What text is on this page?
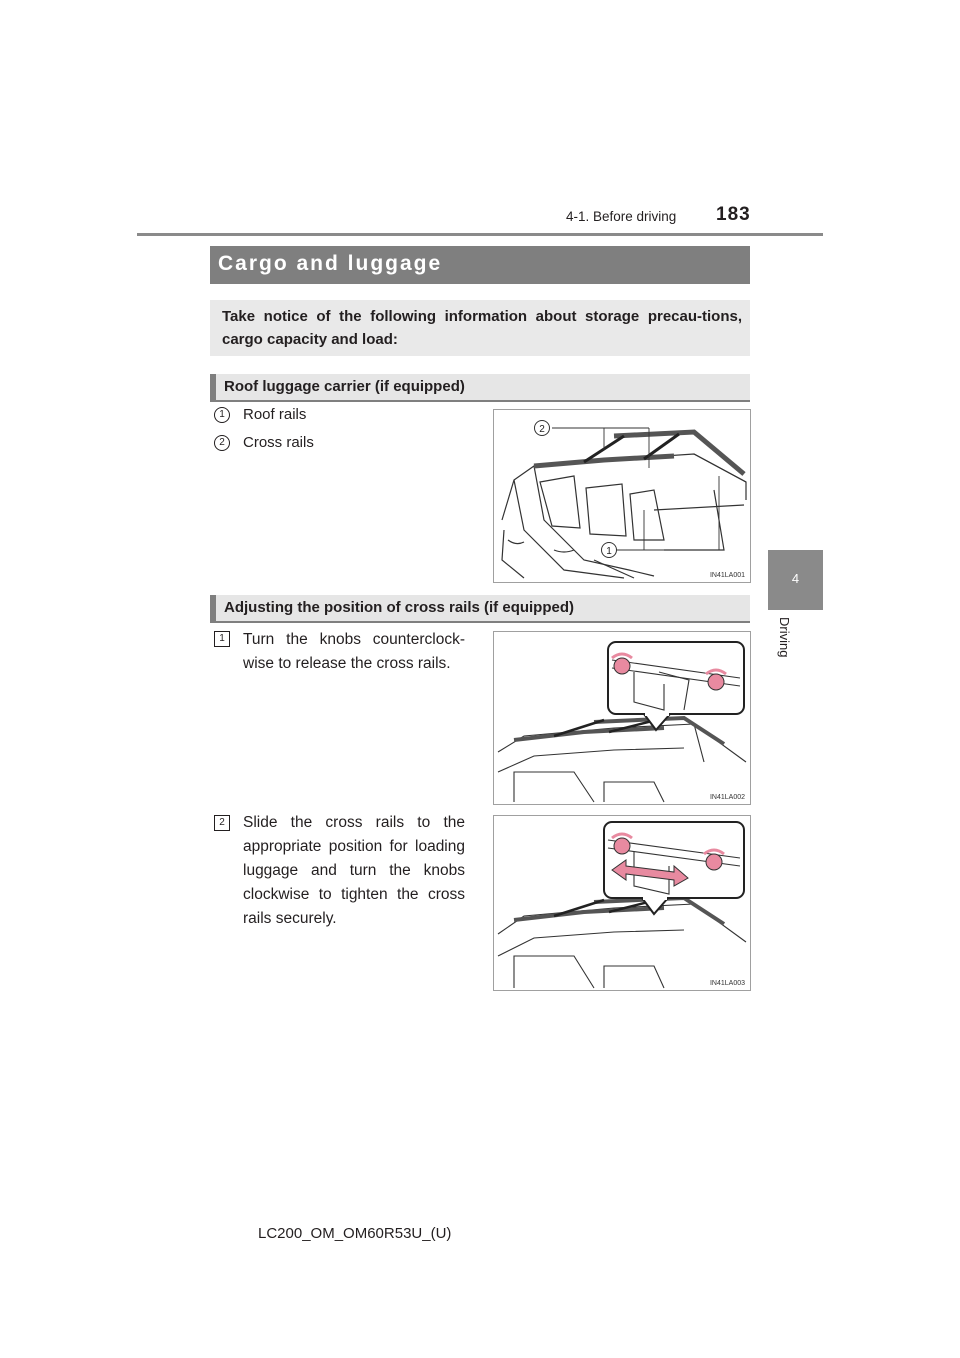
4-1. Before driving 183
4
Driving
Cargo and luggage
Take notice of the following information about storage precau-tions, cargo capacity and load:
Roof luggage carrier (if equipped)
1	Roof rails
2	Cross rails
2
1
IN41LA001
Adjusting the position of cross rails (if equipped)
1	Turn the knobs counterclock-wise to release the cross rails.
IN41LA002
2	Slide the cross rails to the appropriate position for loading luggage and turn the knobs clockwise to tighten the cross rails securely.
IN41LA003
LC200_OM_OM60R53U_(U)
